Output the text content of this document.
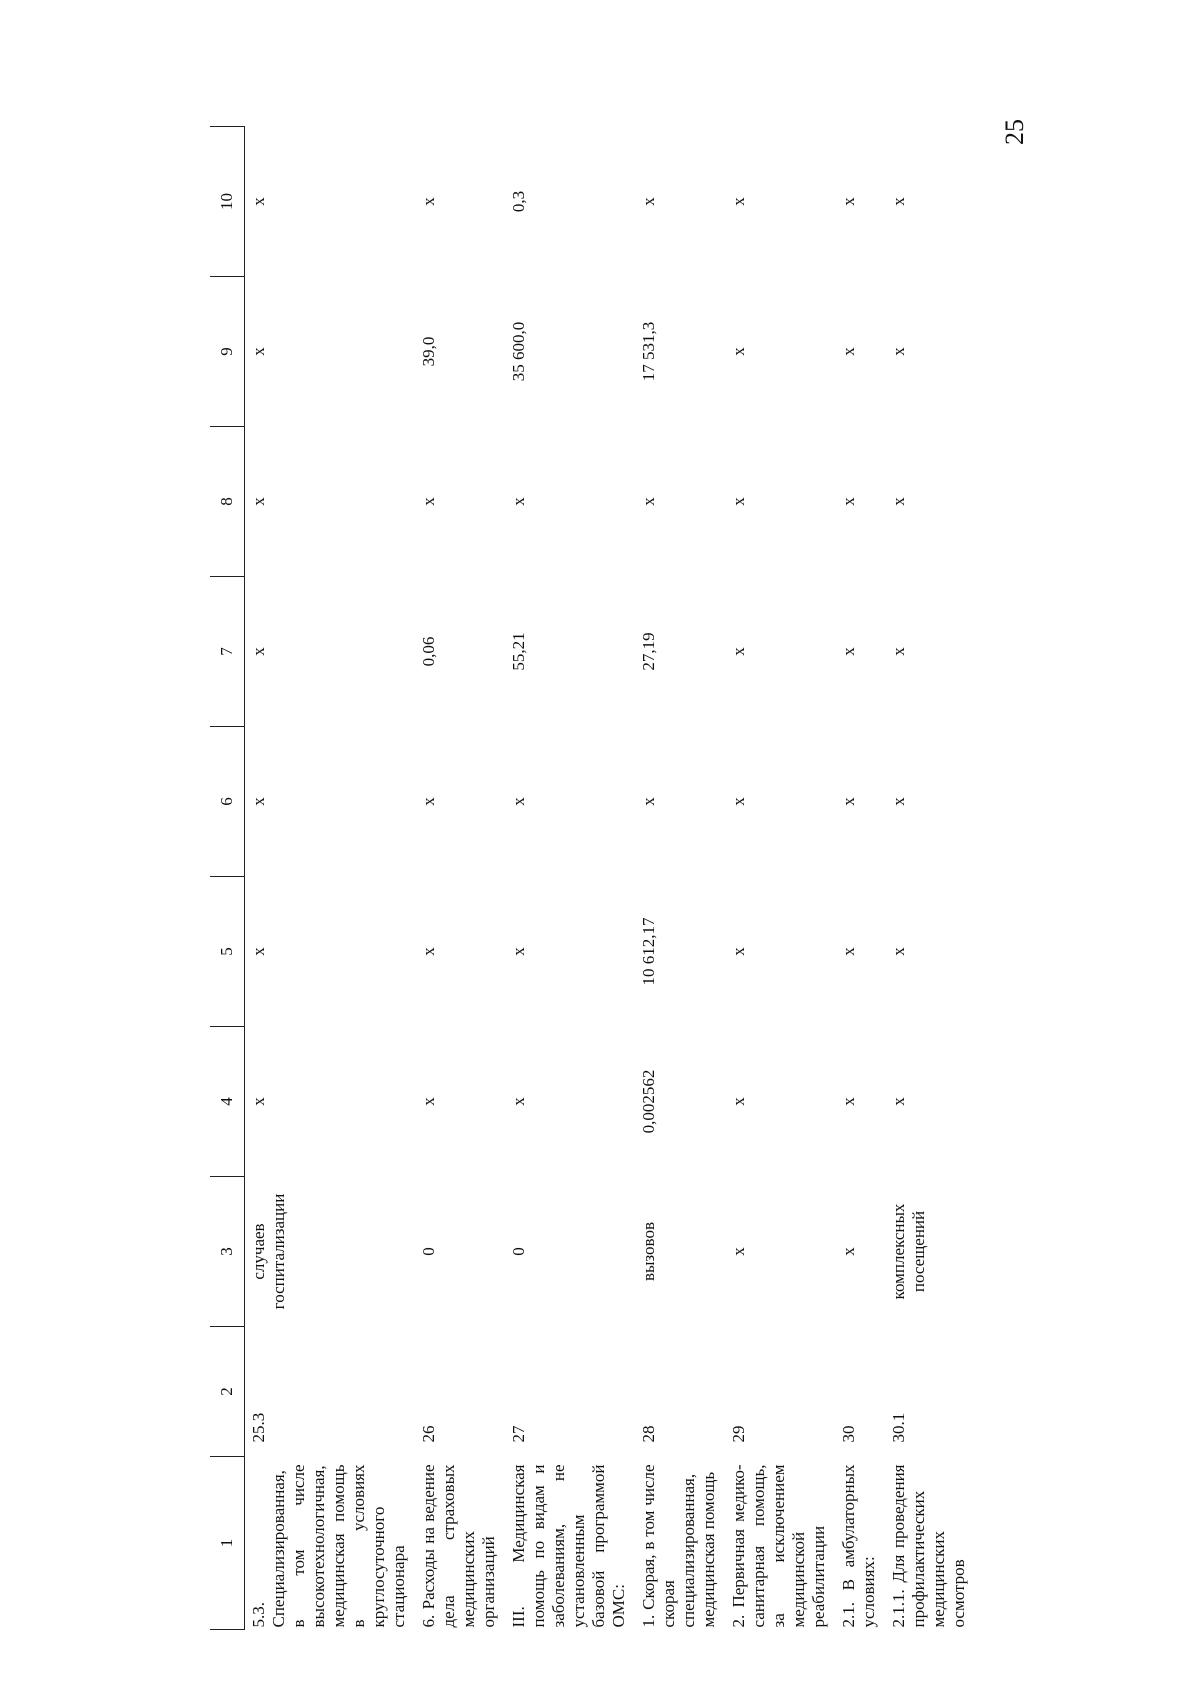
25
1	2	3	4	5	6	7	8	9	10
5.3. Специализированная, в том числе высокотехнологичная, медицинская помощь в условиях круглосуточного стационара	25.3	случаев госпитализации	х	х	х	х	х	х	х
6. Расходы на ведение дела страховых медицинских организаций	26	0	х	х	х	0,06	х	39,0	х
III. Медицинская помощь по видам и заболеваниям, не установленным базовой программой ОМС:	27	0	х	х	х	55,21	х	35 600,0	0,3
1. Скорая, в том числе скорая специализированная, медицинская помощь	28	вызовов	0,002562	10 612,17	х	27,19	х	17 531,3	х
2. Первичная медико-санитарная помощь, за исключением медицинской реабилитации	29	х	х	х	х	х	х	х	х
2.1. В амбулаторных условиях:	30	х	х	х	х	х	х	х	х
2.1.1. Для проведения профилактических медицинских осмотров	30.1	комплексных посещений	х	х	х	х	х	х	х
